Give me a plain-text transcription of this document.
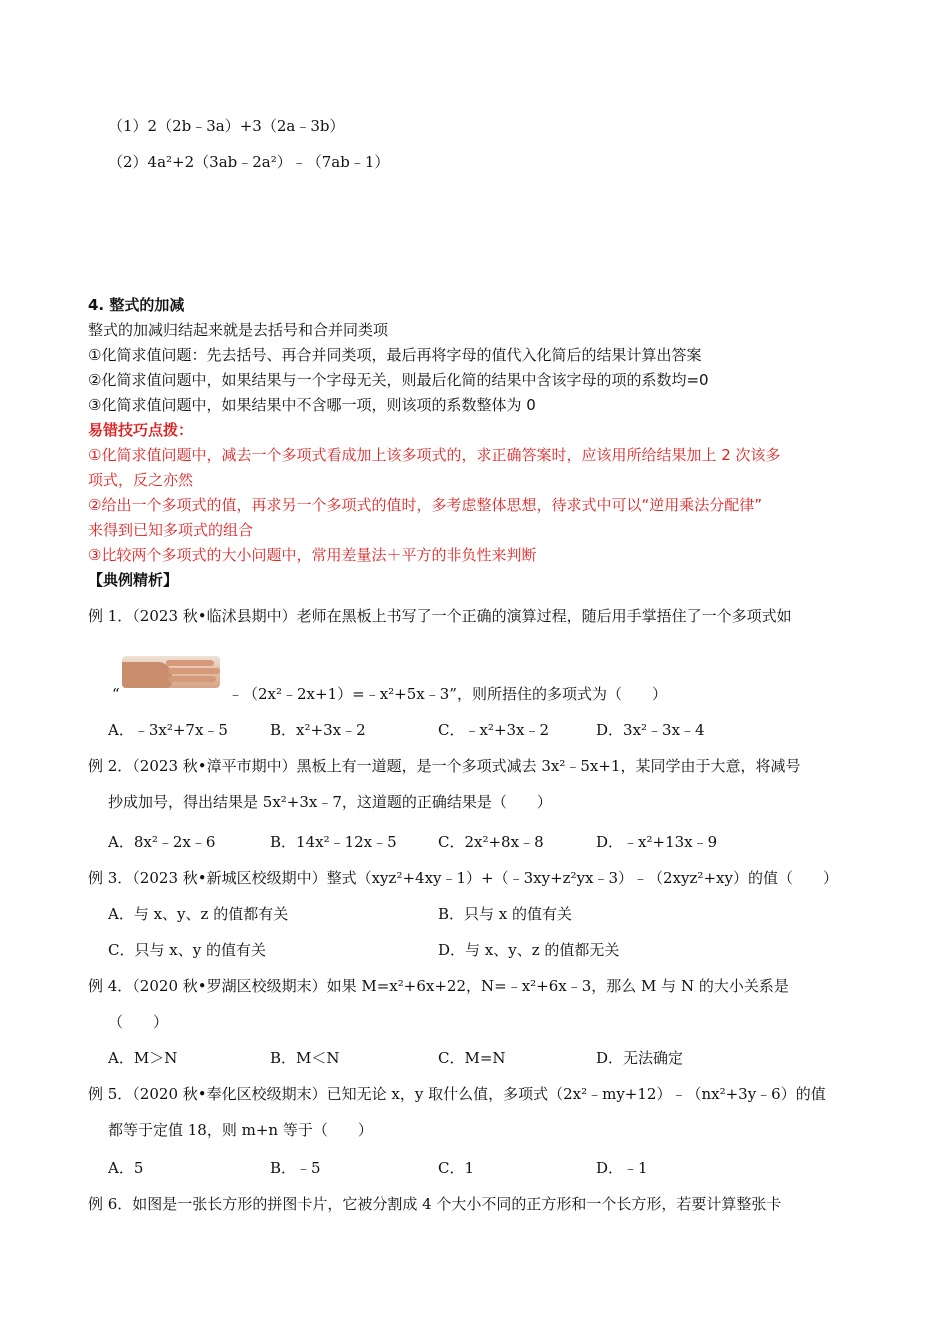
（1）2（2b﹣3a）+3（2a﹣3b）
（2）4a²+2（3ab﹣2a²）﹣（7ab﹣1）
4. 整式的加减
整式的加减归结起来就是去括号和合并同类项
①化简求值问题：先去括号、再合并同类项，最后再将字母的值代入化简后的结果计算出答案
②化简求值问题中，如果结果与一个字母无关，则最后化简的结果中含该字母的项的系数均=0
③化简求值问题中，如果结果中不含哪一项，则该项的系数整体为 0
易错技巧点拨：
①化简求值问题中，减去一个多项式看成加上该多项式的，求正确答案时，应该用所给结果加上 2 次该多
项式，反之亦然
②给出一个多项式的值，再求另一个多项式的值时，多考虑整体思想，待求式中可以“逆用乘法分配律”
来得到已知多项式的组合
③比较两个多项式的大小问题中，常用差量法＋平方的非负性来判断
【典例精析】
例 1．（2023 秋•临沭县期中）老师在黑板上书写了一个正确的演算过程，随后用手掌捂住了一个多项式如
“	﹣（2x²﹣2x+1）=﹣x²+5x﹣3”，则所捂住的多项式为（　　）
A．﹣3x²+7x﹣5	B．x²+3x﹣2	C．﹣x²+3x﹣2	D．3x²﹣3x﹣4
例 2．（2023 秋•漳平市期中）黑板上有一道题，是一个多项式减去 3x²﹣5x+1，某同学由于大意，将减号
抄成加号，得出结果是 5x²+3x﹣7，这道题的正确结果是（　　）
A．8x²﹣2x﹣6	B．14x²﹣12x﹣5	C．2x²+8x﹣8	D．﹣x²+13x﹣9
例 3．（2023 秋•新城区校级期中）整式（xyz²+4xy﹣1）+（﹣3xy+z²yx﹣3）﹣（2xyz²+xy）的值（　　）
A．与 x、y、z 的值都有关	B．只与 x 的值有关
C．只与 x、y 的值有关	D．与 x、y、z 的值都无关
例 4．（2020 秋•罗湖区校级期末）如果 M=x²+6x+22，N=﹣x²+6x﹣3，那么 M 与 N 的大小关系是
（　　）
A．M＞N	B．M＜N	C．M=N	D．无法确定
例 5．（2020 秋•奉化区校级期末）已知无论 x，y 取什么值，多项式（2x²﹣my+12）﹣（nx²+3y﹣6）的值
都等于定值 18，则 m+n 等于（　　）
A．5	B．﹣5	C．1	D．﹣1
例 6．如图是一张长方形的拼图卡片，它被分割成 4 个大小不同的正方形和一个长方形，若要计算整张卡
